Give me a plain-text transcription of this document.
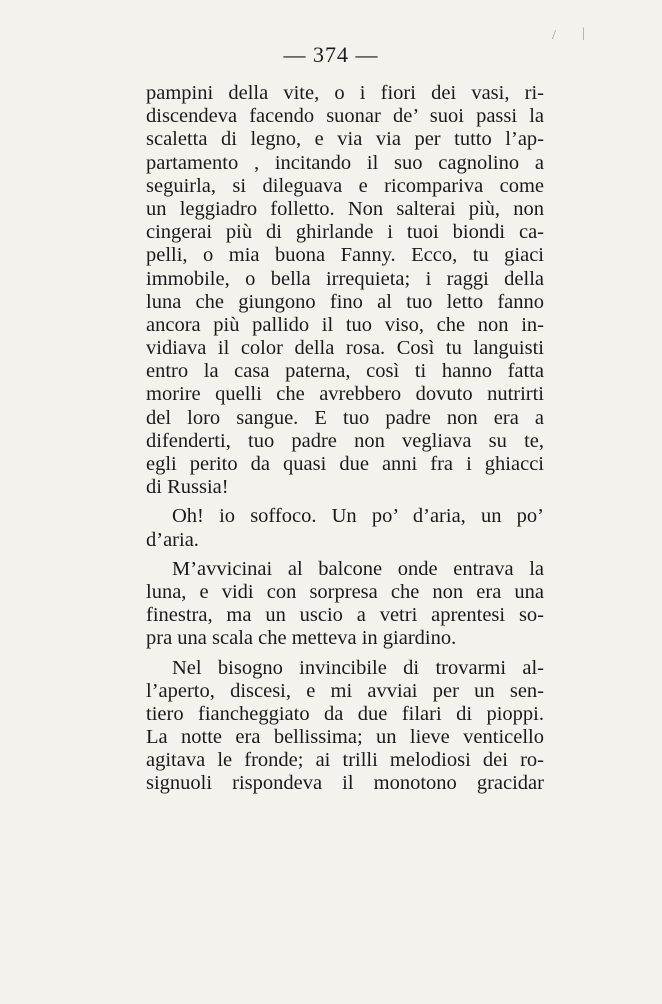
— 374 —
/ |
pampini della vite, o i fiori dei vasi, ri-
discendeva facendo suonar de’ suoi passi la
scaletta di legno, e via via per tutto l’ap-
partamento , incitando il suo cagnolino a
seguirla, si dileguava e ricompariva come
un leggiadro folletto. Non salterai più, non
cingerai più di ghirlande i tuoi biondi ca-
pelli, o mia buona Fanny. Ecco, tu giaci
immobile, o bella irrequieta; i raggi della
luna che giungono fino al tuo letto fanno
ancora più pallido il tuo viso, che non in-
vidiava il color della rosa. Così tu languisti
entro la casa paterna, così ti hanno fatta
morire quelli che avrebbero dovuto nutrirti
del loro sangue. E tuo padre non era a
difenderti, tuo padre non vegliava su te,
egli perito da quasi due anni fra i ghiacci
di Russia!
Oh! io soffoco. Un po’ d’aria, un po’
d’aria.
M’avvicinai al balcone onde entrava la
luna, e vidi con sorpresa che non era una
finestra, ma un uscio a vetri aprentesi so-
pra una scala che metteva in giardino.
Nel bisogno invincibile di trovarmi al-
l’aperto, discesi, e mi avviai per un sen-
tiero fiancheggiato da due filari di pioppi.
La notte era bellissima; un lieve venticello
agitava le fronde; ai trilli melodiosi dei ro-
signuoli rispondeva il monotono gracidar
